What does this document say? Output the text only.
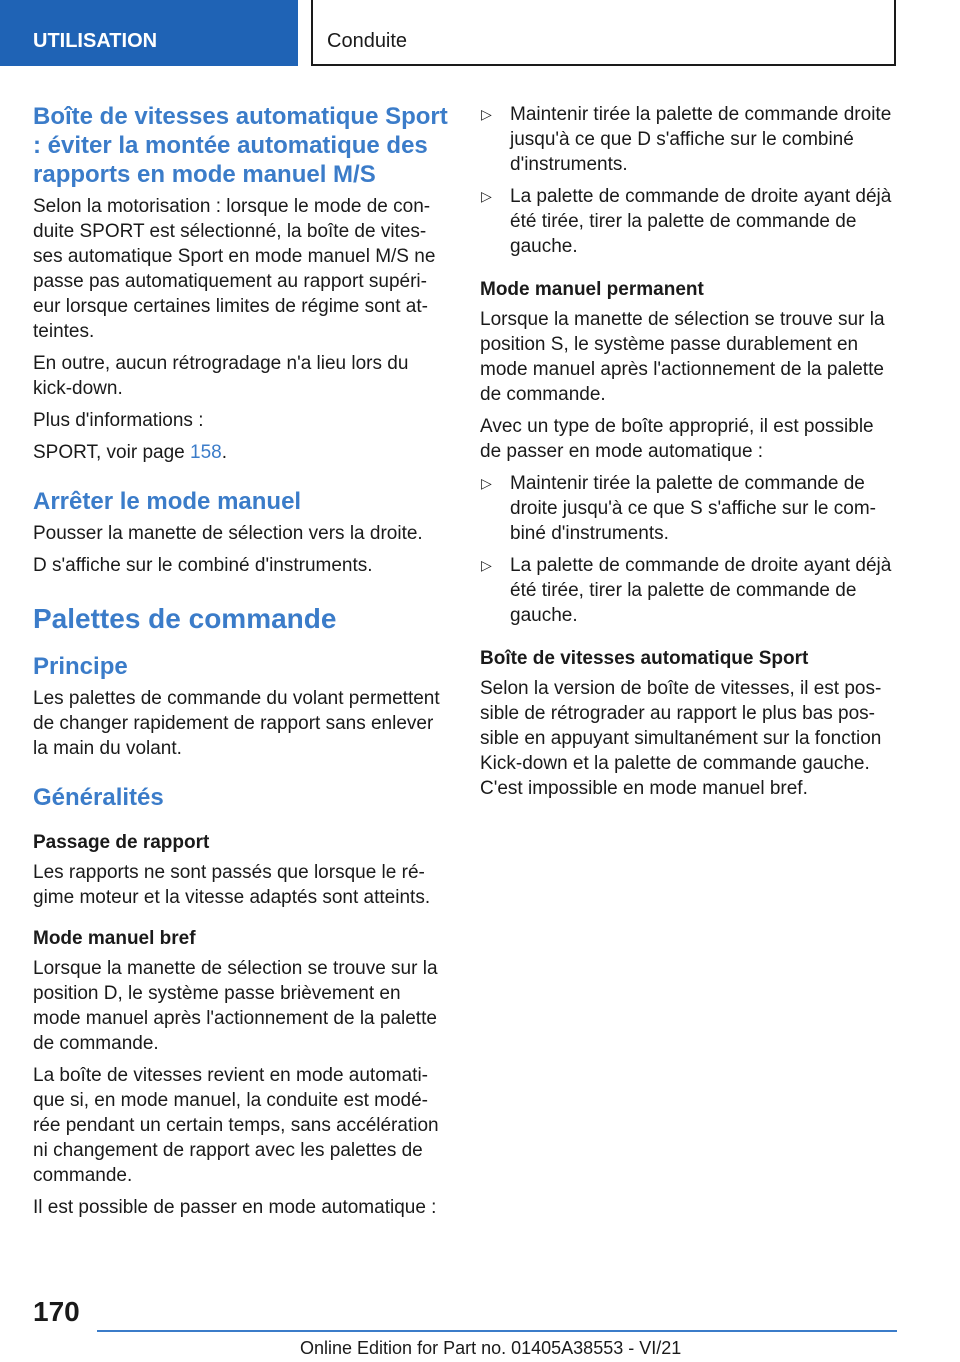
UTILISATION	Conduite
Boîte de vitesses automatique Sport : éviter la montée automatique des rapports en mode manuel M/S

Selon la motorisation : lorsque le mode de con-duite SPORT est sélectionné, la boîte de vites-ses automatique Sport en mode manuel M/S ne passe pas automatiquement au rapport supéri-eur lorsque certaines limites de régime sont at-teintes.

En outre, aucun rétrogradage n'a lieu lors du kick-down.

Plus d'informations :

SPORT, voir page 158.

Arrêter le mode manuel

Pousser la manette de sélection vers la droite.

D s'affiche sur le combiné d'instruments.

Palettes de commande
Principe

Les palettes de commande du volant permettent de changer rapidement de rapport sans enlever la main du volant.

Généralités
Passage de rapport

Les rapports ne sont passés que lorsque le ré-gime moteur et la vitesse adaptés sont atteints.

Mode manuel bref

Lorsque la manette de sélection se trouve sur la position D, le système passe brièvement en mode manuel après l'actionnement de la palette de commande.

La boîte de vitesses revient en mode automati-que si, en mode manuel, la conduite est modé-rée pendant un certain temps, sans accélération ni changement de rapport avec les palettes de commande.

Il est possible de passer en mode automatique :

▷ Maintenir tirée la palette de commande droite jusqu'à ce que D s'affiche sur le combiné d'instruments.
▷ La palette de commande de droite ayant déjà été tirée, tirer la palette de commande de gauche.
Mode manuel permanent

Lorsque la manette de sélection se trouve sur la position S, le système passe durablement en mode manuel après l'actionnement de la palette de commande.

Avec un type de boîte approprié, il est possible de passer en mode automatique :

▷ Maintenir tirée la palette de commande de droite jusqu'à ce que S s'affiche sur le com-biné d'instruments.
▷ La palette de commande de droite ayant déjà été tirée, tirer la palette de commande de gauche.
Boîte de vitesses automatique Sport

Selon la version de boîte de vitesses, il est pos-sible de rétrograder au rapport le plus bas pos-sible en appuyant simultanément sur la fonction Kick-down et la palette de commande gauche. C'est impossible en mode manuel bref.

170
Online Edition for Part no. 01405A38553 - VI/21
